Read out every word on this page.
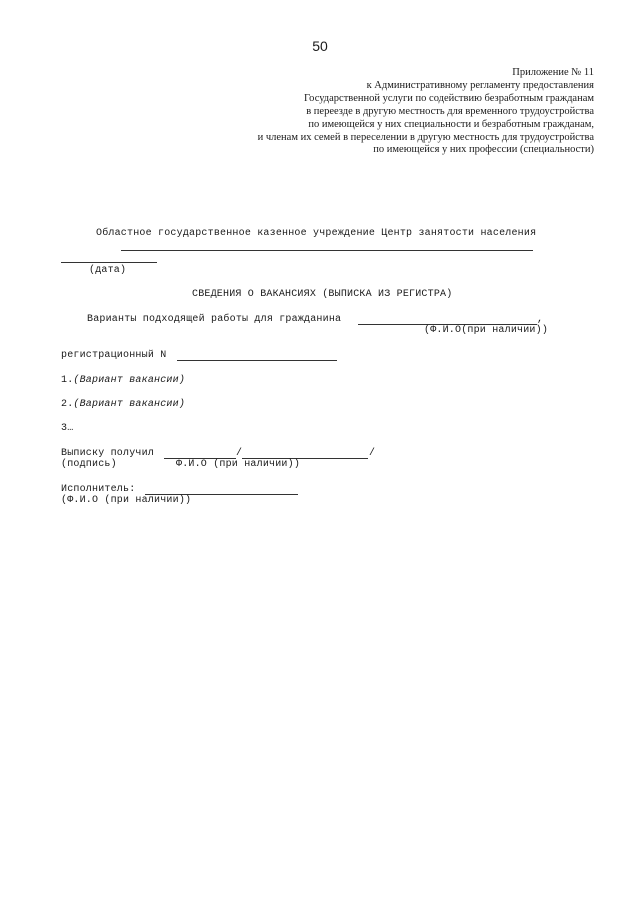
50
Приложение № 11
к Административному регламенту предоставления
Государственной услуги по содействию безработным гражданам
в переезде в другую местность для временного трудоустройства
по имеющейся у них специальности и безработным гражданам,
и членам их семей в переселении в другую местность для трудоустройства
по имеющейся у них профессии (специальности)
Областное государственное казенное учреждение Центр занятости населения
(дата)
СВЕДЕНИЯ О ВАКАНСИЯХ (ВЫПИСКА ИЗ РЕГИСТРА)
Варианты подходящей работы для гражданина	,
(Ф.И.О(при наличии))
регистрационный N
1.(Вариант вакансии)
2.(Вариант вакансии)
3…
Выписку получил	/	/
(подпись)	Ф.И.О (при наличии))
Исполнитель:
(Ф.И.О (при наличии))
